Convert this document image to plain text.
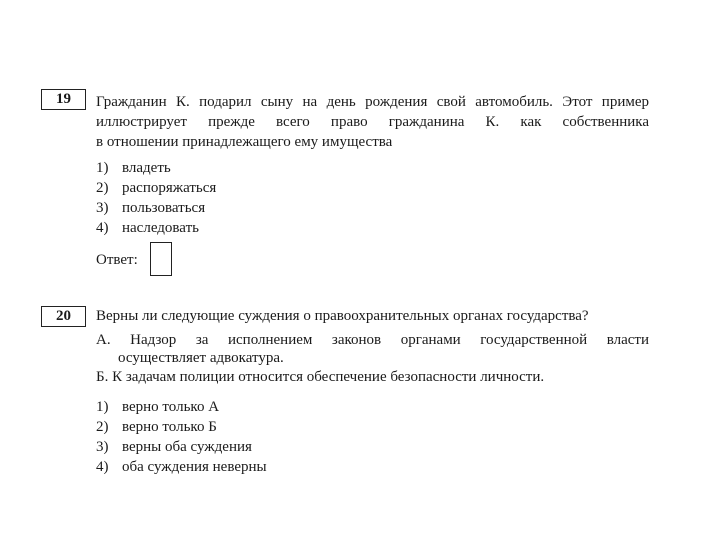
19	Гражданин К. подарил сыну на день рождения свой автомобиль. Этот пример
иллюстрирует прежде всего право гражданина К. как собственника
в отношении принадлежащего ему имущества
1) владеть
2) распоряжаться
3) пользоваться
4) наследовать
Ответ:
20	Верны ли следующие суждения о правоохранительных органах государства?
А. Надзор за исполнением законов органами государственной власти
осуществляет адвокатура.
Б. К задачам полиции относится обеспечение безопасности личности.
1) верно только А
2) верно только Б
3) верны оба суждения
4) оба суждения неверны
